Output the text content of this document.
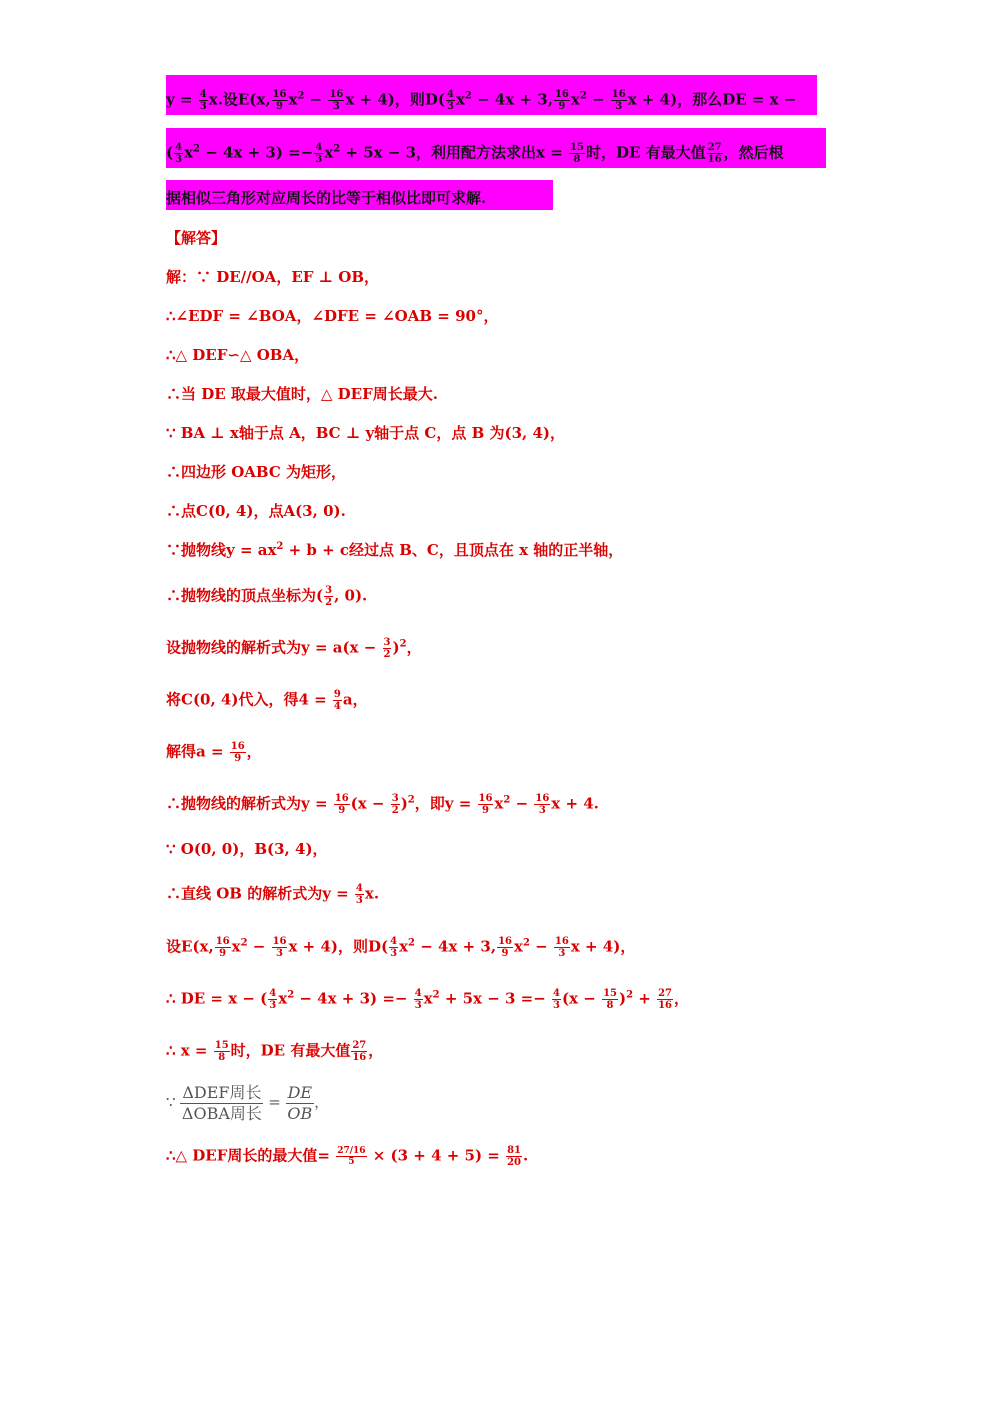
$y = \frac{4}{3} x$.设E(x, $\frac{16}{9} x^2 - \frac{16}{3}$ x + 4)，则$D( \frac{4}{3} x^2 - 4x + 3$, $\frac{16}{9} x^2 - \frac{16}{3}$ x + 4)，那么DE = x −
( $\frac{4}{3} x^2 - 4x + 3) =- \frac{4}{3} x^2 + 5x - 3$，利用配方法求出$x = \frac{15}{8}$ 时，DE 有最大值 $\frac{27}{16}$ ，然后根
据相似三角形对应周长的比等于相似比即可求解.
【解答】
解：∵ DE//OA，EF ⊥ OB，
∴∠EDF = ∠BOA，∠DFE = ∠OAB = 90°，
∴△ DEF∽△ OBA，
∴当 DE 取最大值时，△ DEF周长最大.
∵ BA ⊥ x轴于点 A，BC ⊥ y轴于点 C，点 B 为(3, 4)，
∴四边形 OABC 为矩形，
∴点C(0, 4)，点A(3, 0).
∵抛物线$y = ax^2 + b + c$经过点 B、C，且顶点在 x 轴的正半轴，
∴抛物线的顶点坐标为( $\frac{3}{2}$ , 0).
设抛物线的解析式为$y = a(x - \frac{3}{2} )^2$，
将C(0, 4)代入，得$4 = \frac{9}{4}$ a，
解得$a = \frac{16}{9}$ ，
∴抛物线的解析式为$y = \frac{16}{9} (x - \frac{3}{2} )^2$，即$y = \frac{16}{9} x^2 - \frac{16}{3}$ x + 4.
∵ O(0, 0)，B(3, 4)，
∴直线 OB 的解析式为$y = \frac{4}{3} x$.
设E(x, $\frac{16}{9} x^2 - \frac{16}{3}$ x + 4)，则$D( \frac{4}{3} x^2 - 4x + 3$, $\frac{16}{9} x^2 - \frac{16}{3}$ x + 4)，
∴ DE = x − ( $\frac{4}{3} x^2 - 4x + 3) =- \frac{4}{3} x^2 + 5x - 3 =- \frac{4}{3} (x - \frac{15}{8} )^2 + \frac{27}{16}$ ，
∴ $x = \frac{15}{8}$ 时，DE 有最大值 $\frac{27}{16}$ ，
∵
ΔDEF周长
ΔOBA周长
= $\frac{DE}{OB}$ ，
∴△ DEF周长的最大值= $\frac{27/16}{5} \times (3 + 4 + 5) = \frac{81}{20}$ .
